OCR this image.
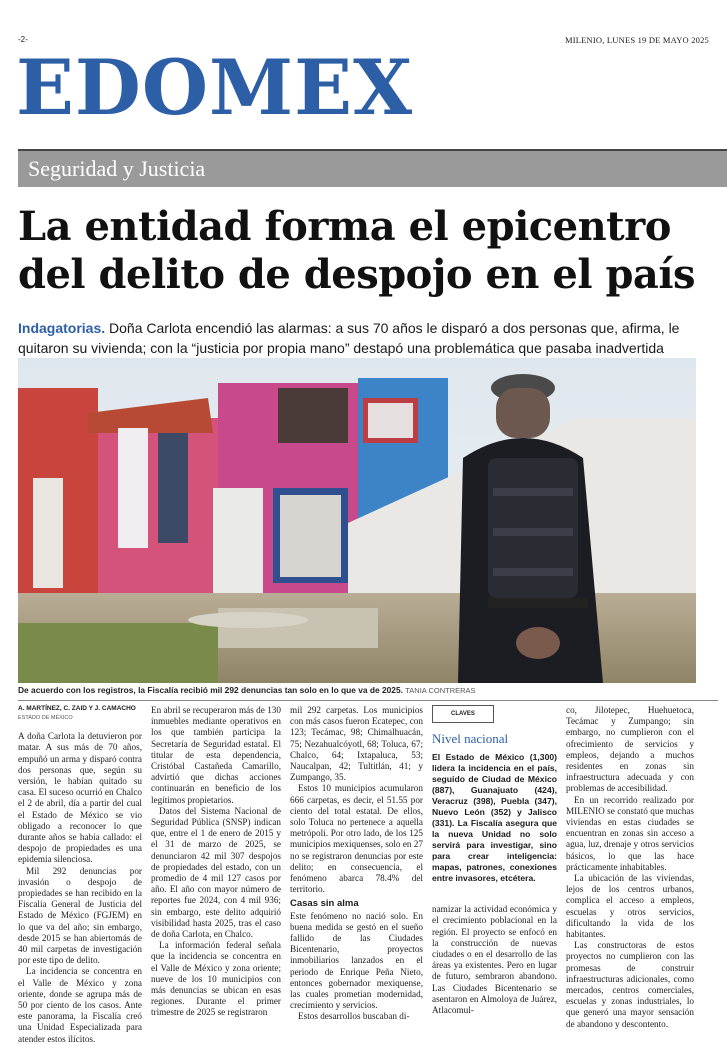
-2-	MILENIO, LUNES 19 DE MAYO 2025
EDOMEX
Seguridad y Justicia
La entidad forma el epicentro
del delito de despojo en el país
Indagatorias. Doña Carlota encendió las alarmas: a sus 70 años le disparó a dos personas que, afirma, le quitaron su vivienda; con la “justicia por propia mano” destapó una problemática que pasaba inadvertida
De acuerdo con los registros, la Fiscalía recibió mil 292 denuncias tan solo en lo que va de 2025. TANIA CONTRERAS
A. MARTÍNEZ, C. ZAID Y J. CAMACHO
ESTADO DE MÉXICO

A doña Carlota la detuvieron por matar. A sus más de 70 años, empuñó un arma y disparó contra dos personas que, según su versión, le habían quitado su casa. El suceso ocurrió en Chalco el 2 de abril, día a partir del cual el Estado de México se vio obligado a reconocer lo que durante años se había callado: el despojo de propiedades es una epidemia silenciosa.

Mil 292 denuncias por invasión o despojo de propiedades se han recibido en la Fiscalía General de Justicia del Estado de México (FGJEM) en lo que va del año; sin embargo, desde 2015 se han abiertomás de 40 mil carpetas de investigación por este tipo de delito.

La incidencia se concentra en el Valle de México y zona oriente, donde se agrupa más de 50 por ciento de los casos. Ante este panorama, la Fiscalía creó una Unidad Especializada para atender estos ilícitos.

En abril se recuperaron más de 130 inmuebles mediante operativos en los que también participa la Secretaría de Seguridad estatal. El titular de esta dependencia, Cristóbal Castañeda Camarillo, advirtió que dichas acciones continuarán en beneficio de los legítimos propietarios.

Datos del Sistema Nacional de Seguridad Pública (SNSP) indican que, entre el 1 de enero de 2015 y el 31 de marzo de 2025, se denunciaron 42 mil 307 despojos de propiedades del estado, con un promedio de 4 mil 127 casos por año. El año con mayor número de reportes fue 2024, con 4 mil 936; sin embargo, este delito adquirió visibilidad hasta 2025, tras el caso de doña Carlota, en Chalco.

La información federal señala que la incidencia se concentra en el Valle de México y zona oriente; nueve de los 10 municipios con más denuncias se ubican en esas regiones. Durante el primer trimestre de 2025 se registraron

mil 292 carpetas. Los municipios con más casos fueron Ecatepec, con 123; Tecámac, 98; Chimalhuacán, 75; Nezahualcóyotl, 68; Toluca, 67; Chalco, 64; Ixtapaluca, 53; Naucalpan, 42; Tultitlán, 41; y Zumpango, 35.

Estos 10 municipios acumularon 666 carpetas, es decir, el 51.55 por ciento del total estatal. De ellos, solo Toluca no pertenece a aquella metrópoli. Por otro lado, de los 125 municipios mexiquenses, solo en 27 no se registraron denuncias por este delito; en consecuencia, el fenómeno abarca 78.4% del territorio.

Casas sin alma

Este fenómeno no nació solo. En buena medida se gestó en el sueño fallido de las Ciudades Bicentenario, proyectos inmobiliarios lanzados en el periodo de Enrique Peña Nieto, entonces gobernador mexiquense, las cuales prometían modernidad, crecimiento y servicios.

Estos desarrollos buscaban di-

CLAVES
Nivel nacional
El Estado de México (1,300) lidera la incidencia en el país, seguido de Ciudad de México (887), Guanajuato (424), Veracruz (398), Puebla (347), Nuevo León (352) y Jalisco (331). La Fiscalía asegura que la nueva Unidad no solo servirá para investigar, sino para crear inteligencia: mapas, patrones, conexiones entre invasores, etcétera.

namizar la actividad económica y el crecimiento poblacional en la región. El proyecto se enfocó en la construcción de nuevas ciudades o en el desarrollo de las áreas ya existentes. Pero en lugar de futuro, sembraron abandono. Las Ciudades Bicentenario se asentaron en Almoloya de Juárez, Atlacomul-

co, Jilotepec, Huehuetoca, Tecámac y Zumpango; sin embargo, no cumplieron con el ofrecimiento de servicios y empleos, dejando a muchos residentes en zonas sin infraestructura adecuada y con problemas de accesibilidad.

En un recorrido realizado por MILENIO se constató que muchas viviendas en estas ciudades se encuentran en zonas sin acceso a agua, luz, drenaje y otros servicios básicos, lo que las hace prácticamente inhabitables.

La ubicación de las viviendas, lejos de los centros urbanos, complica el acceso a empleos, escuelas y otros servicios, dificultando la vida de los habitantes.

Las constructoras de estos proyectos no cumplieron con las promesas de construir infraestructuras adicionales, como mercados, centros comerciales, escuelas y zonas industriales, lo que generó una mayor sensación de abandono y descontento.
